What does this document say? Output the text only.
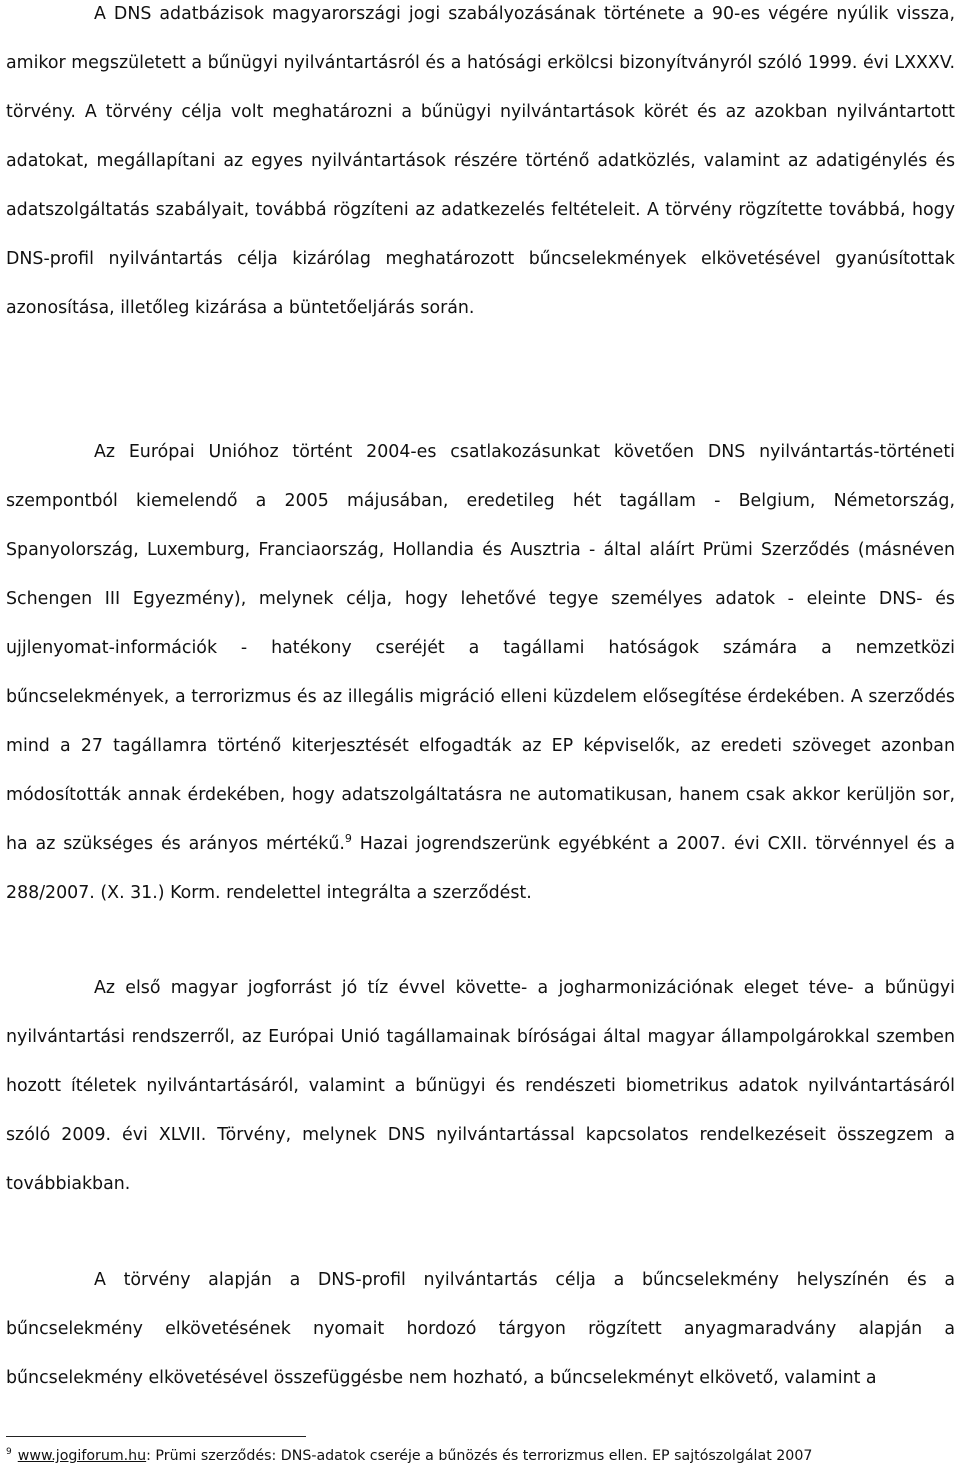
A DNS adatbázisok magyarországi jogi szabályozásának története a 90-es végére nyúlik vissza, amikor megszületett a bűnügyi nyilvántartásról és a hatósági erkölcsi bizonyítványról szóló 1999. évi LXXXV. törvény. A törvény célja volt meghatározni a bűnügyi nyilvántartások körét és az azokban nyilvántartott adatokat, megállapítani az egyes nyilvántartások részére történő adatközlés, valamint az adatigénylés és adatszolgáltatás szabályait, továbbá rögzíteni az adatkezelés feltételeit. A törvény rögzítette továbbá, hogy DNS-profil nyilvántartás célja kizárólag meghatározott bűncselekmények elkövetésével gyanúsítottak azonosítása, illetőleg kizárása a büntetőeljárás során.

Az Európai Unióhoz történt 2004-es csatlakozásunkat követően DNS nyilvántartás-történeti szempontból kiemelendő a 2005 májusában, eredetileg hét tagállam - Belgium, Németország, Spanyolország, Luxemburg, Franciaország, Hollandia és Ausztria - által aláírt Prümi Szerződés (másnéven Schengen III Egyezmény), melynek célja, hogy lehetővé tegye személyes adatok - eleinte DNS- és ujjlenyomat-információk - hatékony cseréjét a tagállami hatóságok számára a nemzetközi bűncselekmények, a terrorizmus és az illegális migráció elleni küzdelem elősegítése érdekében. A szerződés mind a 27 tagállamra történő kiterjesztését elfogadták az EP képviselők, az eredeti szöveget azonban módosították annak érdekében, hogy adatszolgáltatásra ne automatikusan, hanem csak akkor kerüljön sor, ha az szükséges és arányos mértékű.$^9$ Hazai jogrendszerünk egyébként a 2007. évi CXII. törvénnyel és a 288/2007. (X. 31.) Korm. rendelettel integrálta a szerződést.

Az első magyar jogforrást jó tíz évvel követte- a jogharmonizációnak eleget téve- a bűnügyi nyilvántartási rendszerről, az Európai Unió tagállamainak bíróságai által magyar állampolgárokkal szemben hozott ítéletek nyilvántartásáról, valamint a bűnügyi és rendészeti biometrikus adatok nyilvántartásáról szóló 2009. évi XLVII. Törvény, melynek DNS nyilvántartással kapcsolatos rendelkezéseit összegzem a továbbiakban.

A törvény alapján a DNS-profil nyilvántartás célja a bűncselekmény helyszínén és a bűncselekmény elkövetésének nyomait hordozó tárgyon rögzített anyagmaradvány alapján a bűncselekmény elkövetésével összefüggésbe nem hozható, a bűncselekményt elkövető, valamint a

$^9$ www.jogiforum.hu: Prümi szerződés: DNS-adatok cseréje a bűnözés és terrorizmus ellen. EP sajtószolgálat 2007
